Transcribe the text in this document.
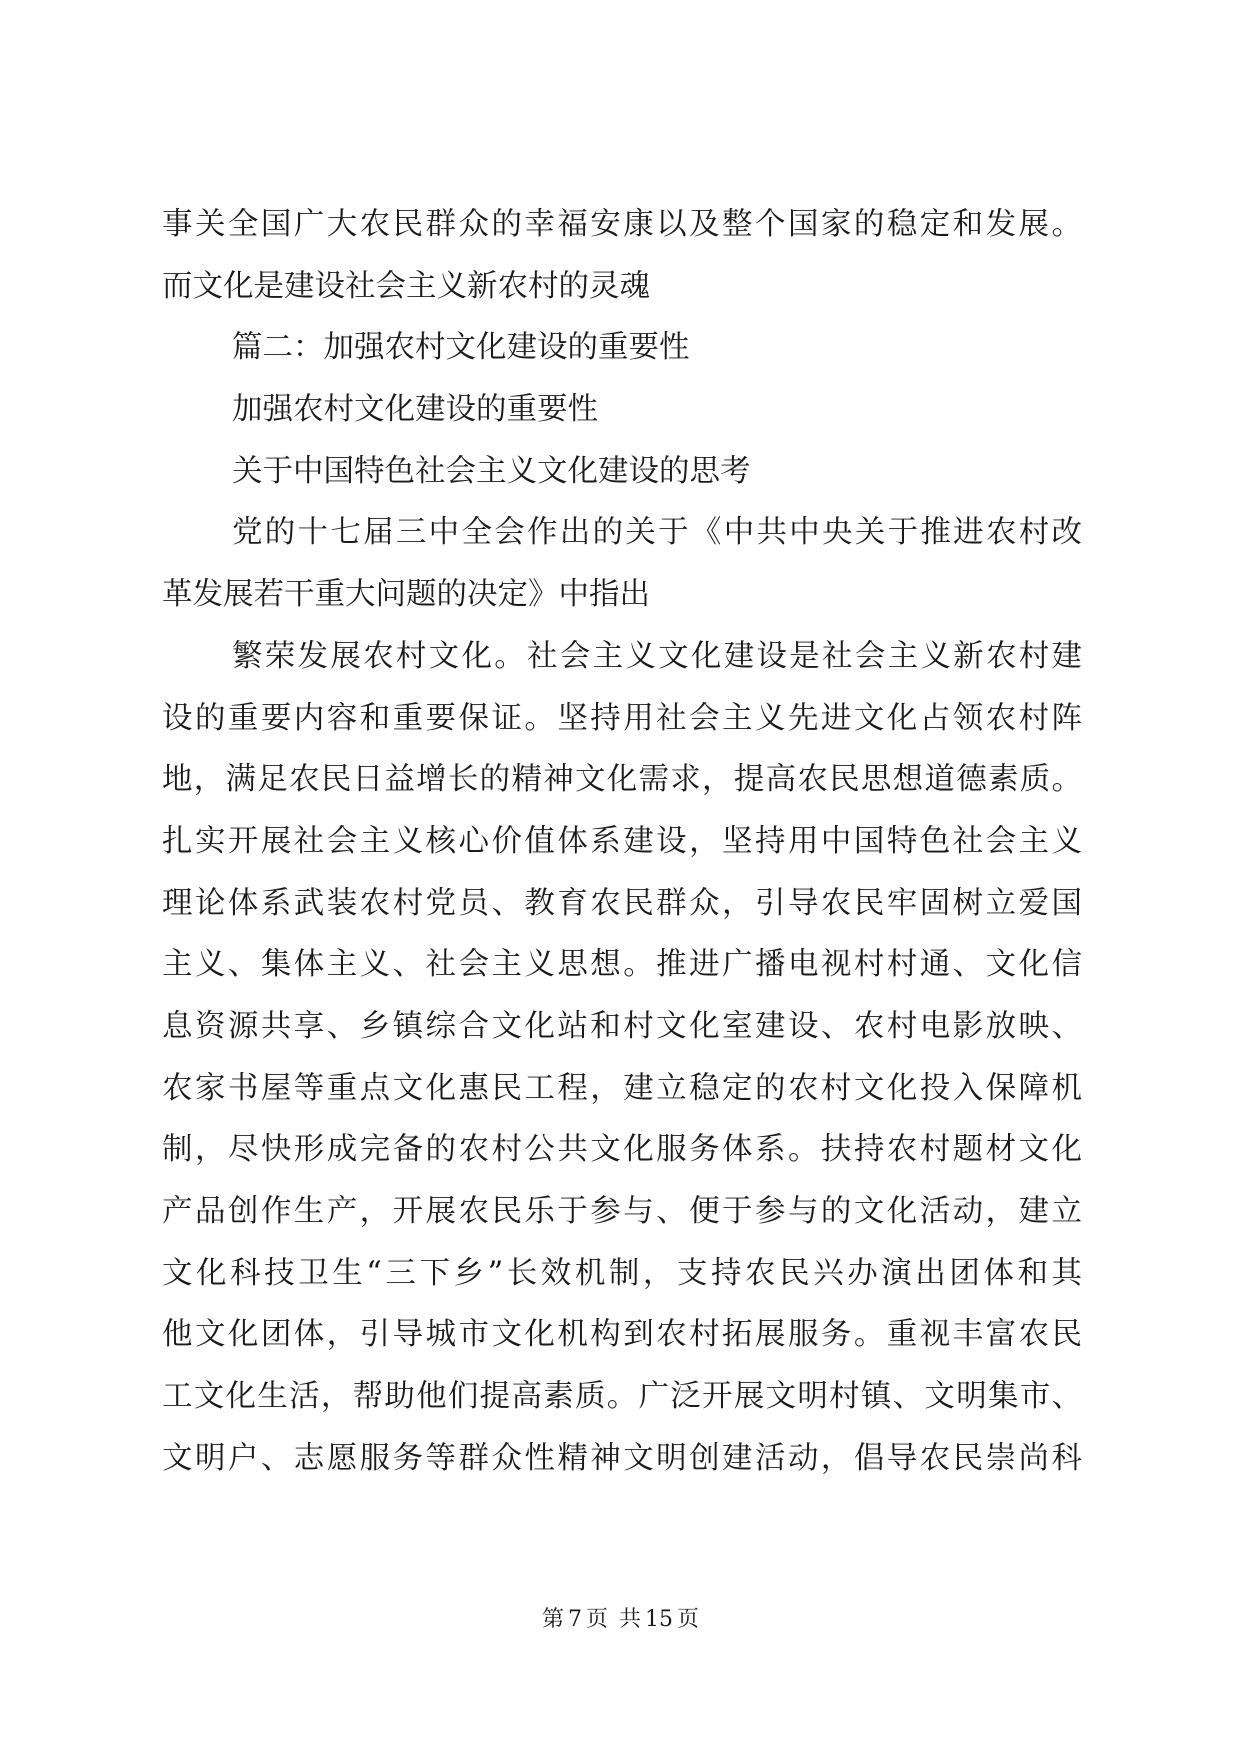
事关全国广大农民群众的幸福安康以及整个国家的稳定和发展。
而文化是建设社会主义新农村的灵魂
篇二：加强农村文化建设的重要性
加强农村文化建设的重要性
关于中国特色社会主义文化建设的思考
党的十七届三中全会作出的关于《中共中央关于推进农村改
革发展若干重大问题的决定》中指出
繁荣发展农村文化。社会主义文化建设是社会主义新农村建
设的重要内容和重要保证。坚持用社会主义先进文化占领农村阵
地，满足农民日益增长的精神文化需求，提高农民思想道德素质。
扎实开展社会主义核心价值体系建设，坚持用中国特色社会主义
理论体系武装农村党员、教育农民群众，引导农民牢固树立爱国
主义、集体主义、社会主义思想。推进广播电视村村通、文化信
息资源共享、乡镇综合文化站和村文化室建设、农村电影放映、
农家书屋等重点文化惠民工程，建立稳定的农村文化投入保障机
制，尽快形成完备的农村公共文化服务体系。扶持农村题材文化
产品创作生产，开展农民乐于参与、便于参与的文化活动，建立
文化科技卫生“三下乡”长效机制，支持农民兴办演出团体和其
他文化团体，引导城市文化机构到农村拓展服务。重视丰富农民
工文化生活，帮助他们提高素质。广泛开展文明村镇、文明集市、
文明户、志愿服务等群众性精神文明创建活动，倡导农民崇尚科
第 7 页 共 15 页
